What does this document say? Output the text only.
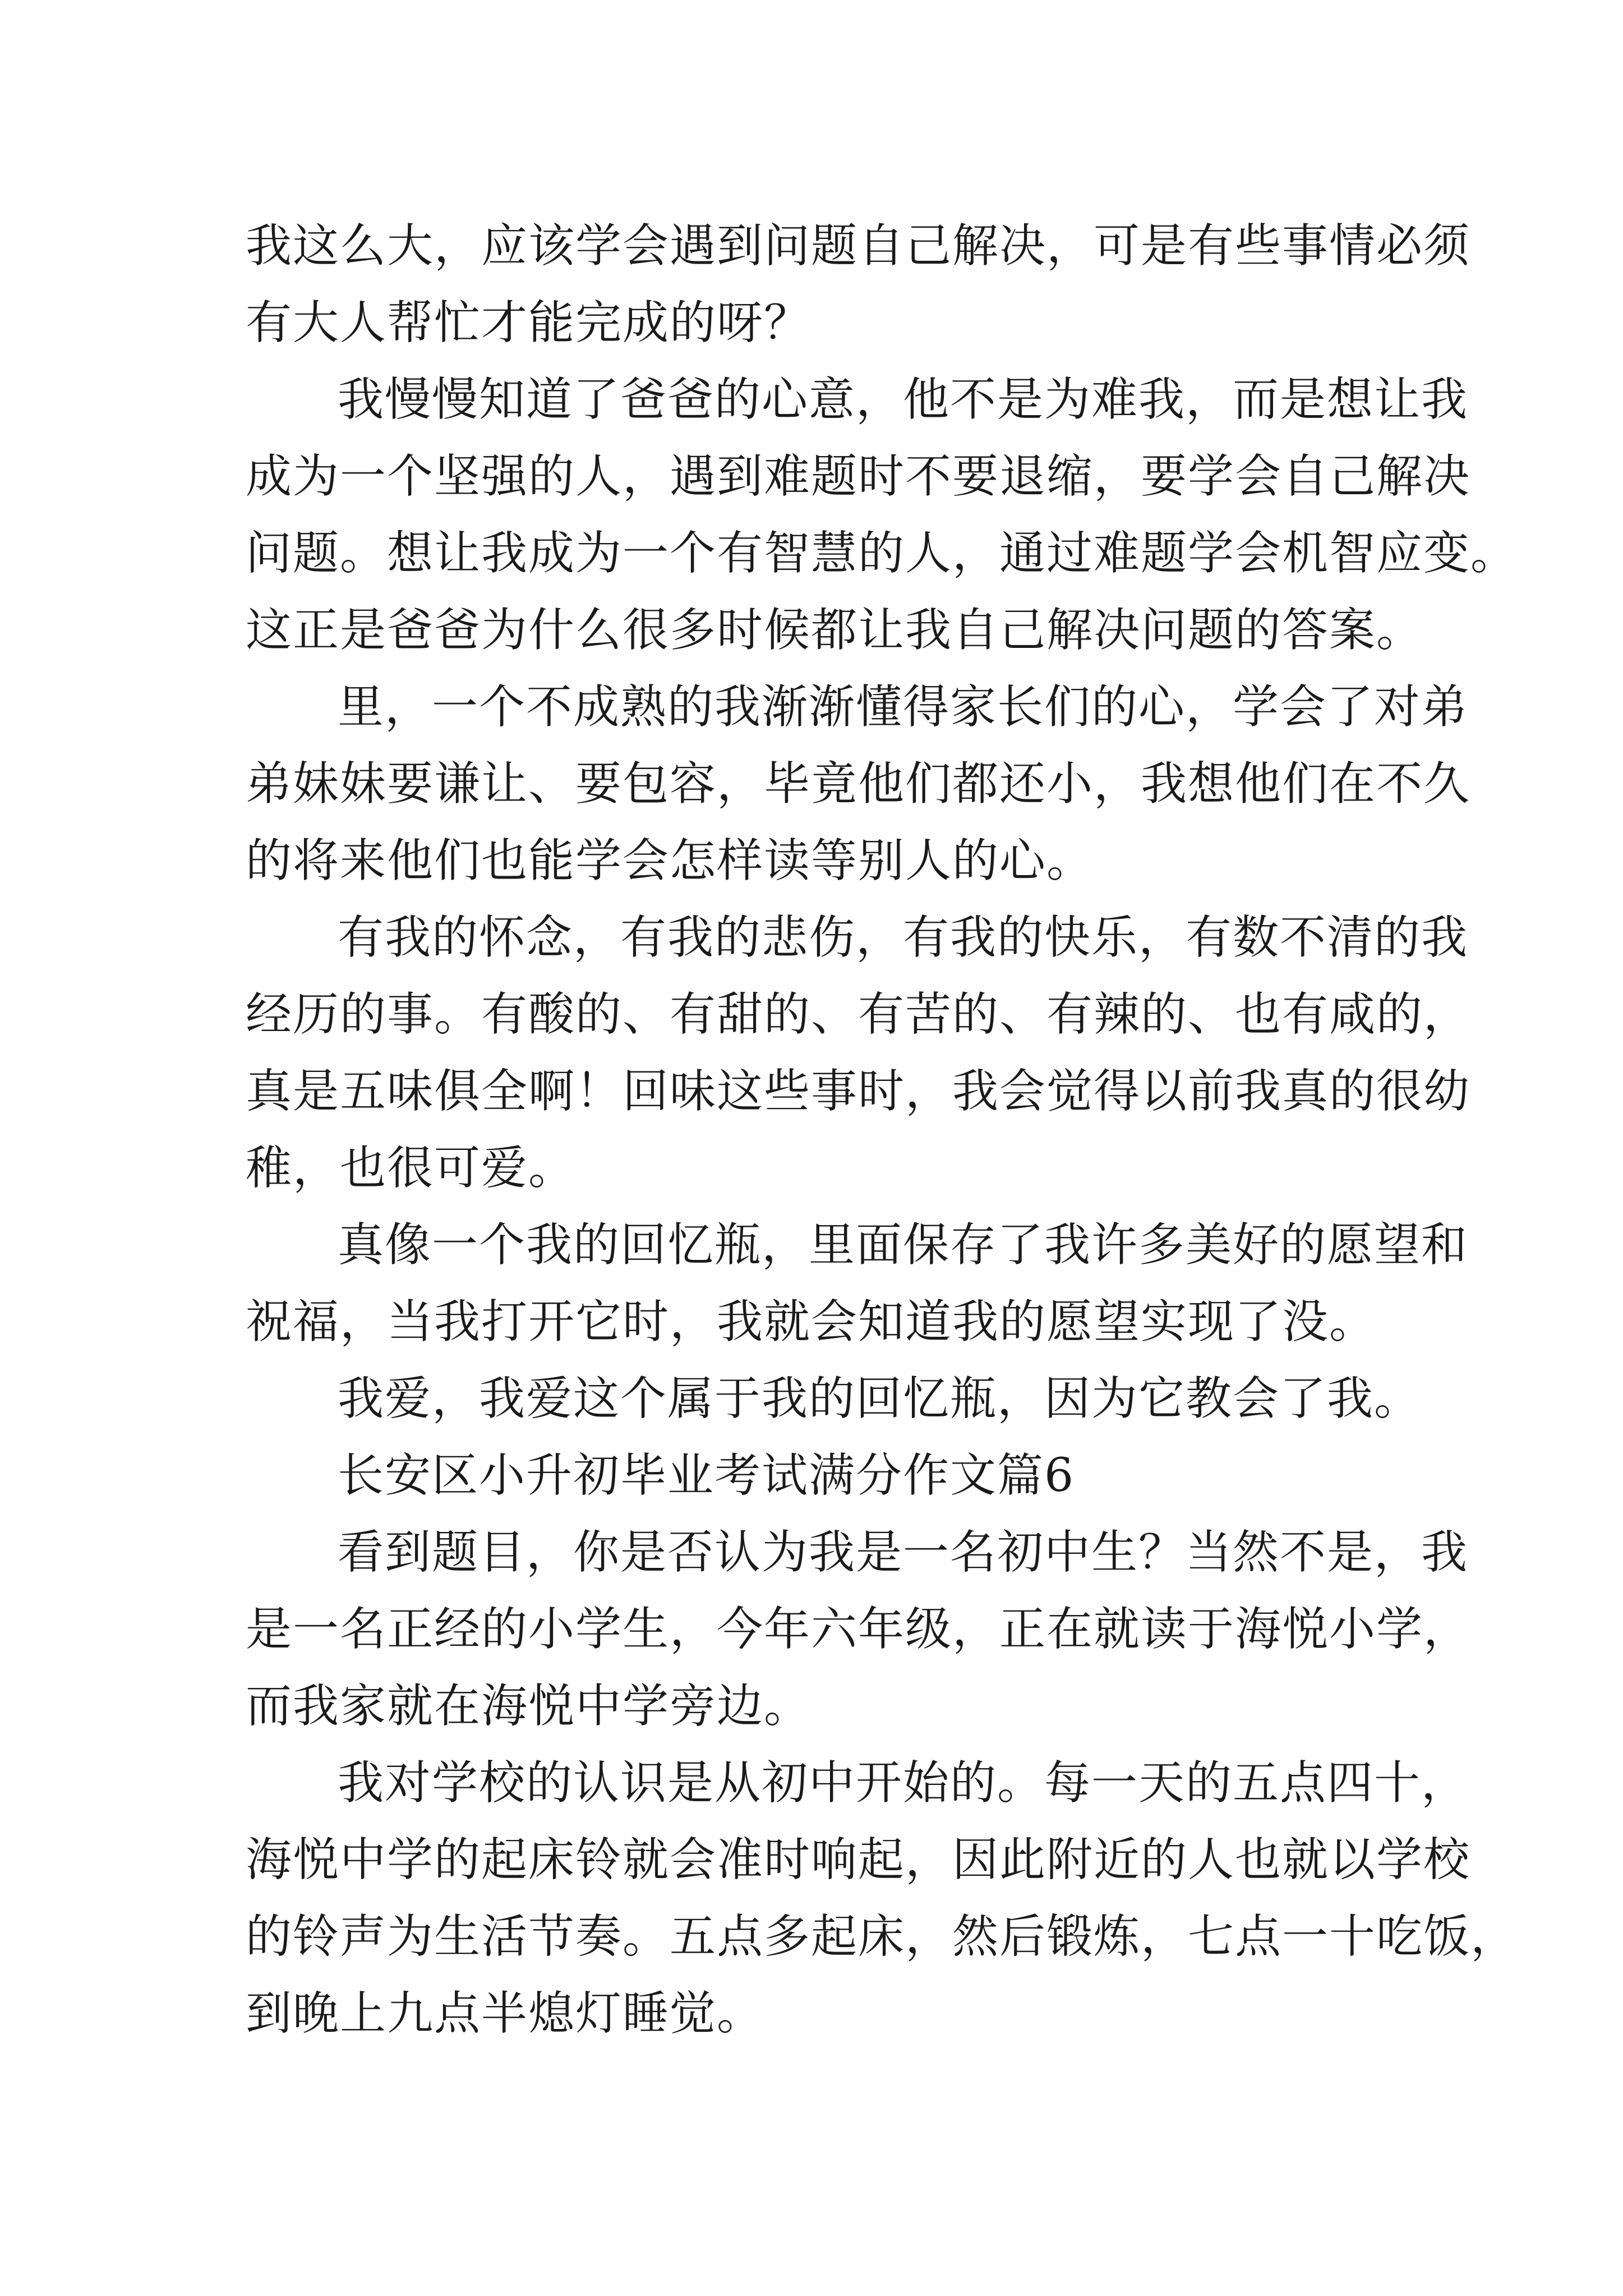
我这么大，应该学会遇到问题自己解决，可是有些事情必须
有大人帮忙才能完成的呀？
我慢慢知道了爸爸的心意，他不是为难我，而是想让我
成为一个坚强的人，遇到难题时不要退缩，要学会自己解决
问题。想让我成为一个有智慧的人，通过难题学会机智应变。
这正是爸爸为什么很多时候都让我自己解决问题的答案。
里，一个不成熟的我渐渐懂得家长们的心，学会了对弟
弟妹妹要谦让、要包容，毕竟他们都还小，我想他们在不久
的将来他们也能学会怎样读等别人的心。
有我的怀念，有我的悲伤，有我的快乐，有数不清的我
经历的事。有酸的、有甜的、有苦的、有辣的、也有咸的，
真是五味俱全啊！回味这些事时，我会觉得以前我真的很幼
稚，也很可爱。
真像一个我的回忆瓶，里面保存了我许多美好的愿望和
祝福，当我打开它时，我就会知道我的愿望实现了没。
我爱，我爱这个属于我的回忆瓶，因为它教会了我。
长安区小升初毕业考试满分作文篇6
看到题目，你是否认为我是一名初中生？当然不是，我
是一名正经的小学生，今年六年级，正在就读于海悦小学，
而我家就在海悦中学旁边。
我对学校的认识是从初中开始的。每一天的五点四十，
海悦中学的起床铃就会准时响起，因此附近的人也就以学校
的铃声为生活节奏。五点多起床，然后锻炼，七点一十吃饭，
到晚上九点半熄灯睡觉。
